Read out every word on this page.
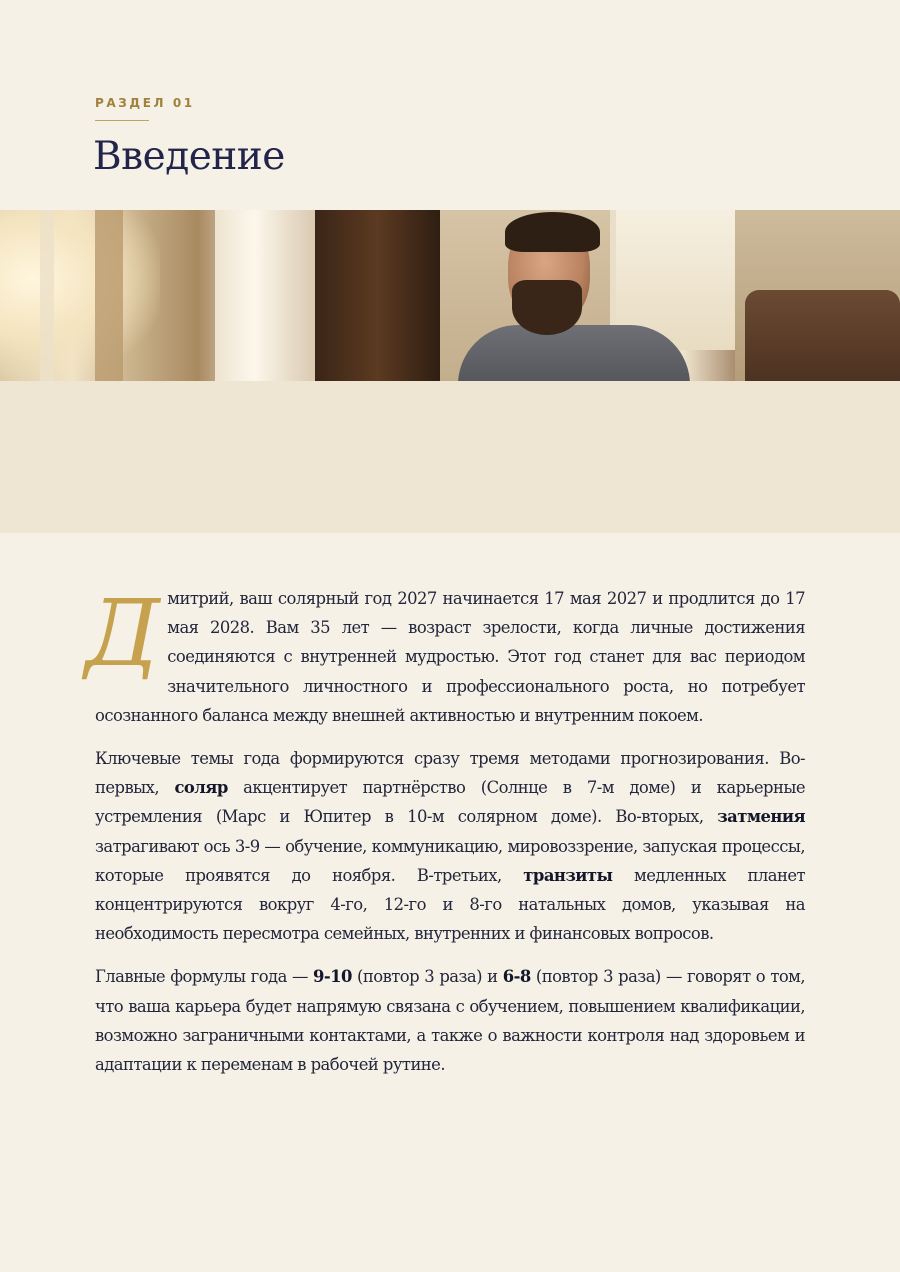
РАЗДЕЛ 01
Введение

Дмитрий, ваш солярный год 2027 начинается 17 мая 2027 и продлится до 17 мая 2028. Вам 35 лет — возраст зрелости, когда личные достижения соединяются с внутренней мудростью. Этот год станет для вас периодом значительного личностного и профессионального роста, но потребует осознанного баланса между внешней активностью и внутренним покоем.

Ключевые темы года формируются сразу тремя методами прогнозирования. Во-первых, соляр акцентирует партнёрство (Солнце в 7-м доме) и карьерные устремления (Марс и Юпитер в 10-м солярном доме). Во-вторых, затмения затрагивают ось 3-9 — обучение, коммуникацию, мировоззрение, запуская процессы, которые проявятся до ноября. В-третьих, транзиты медленных планет концентрируются вокруг 4-го, 12-го и 8-го натальных домов, указывая на необходимость пересмотра семейных, внутренних и финансовых вопросов.

Главные формулы года — 9-10 (повтор 3 раза) и 6-8 (повтор 3 раза) — говорят о том, что ваша карьера будет напрямую связана с обучением, повышением квалификации, возможно заграничными контактами, а также о важности контроля над здоровьем и адаптации к переменам в рабочей рутине.
